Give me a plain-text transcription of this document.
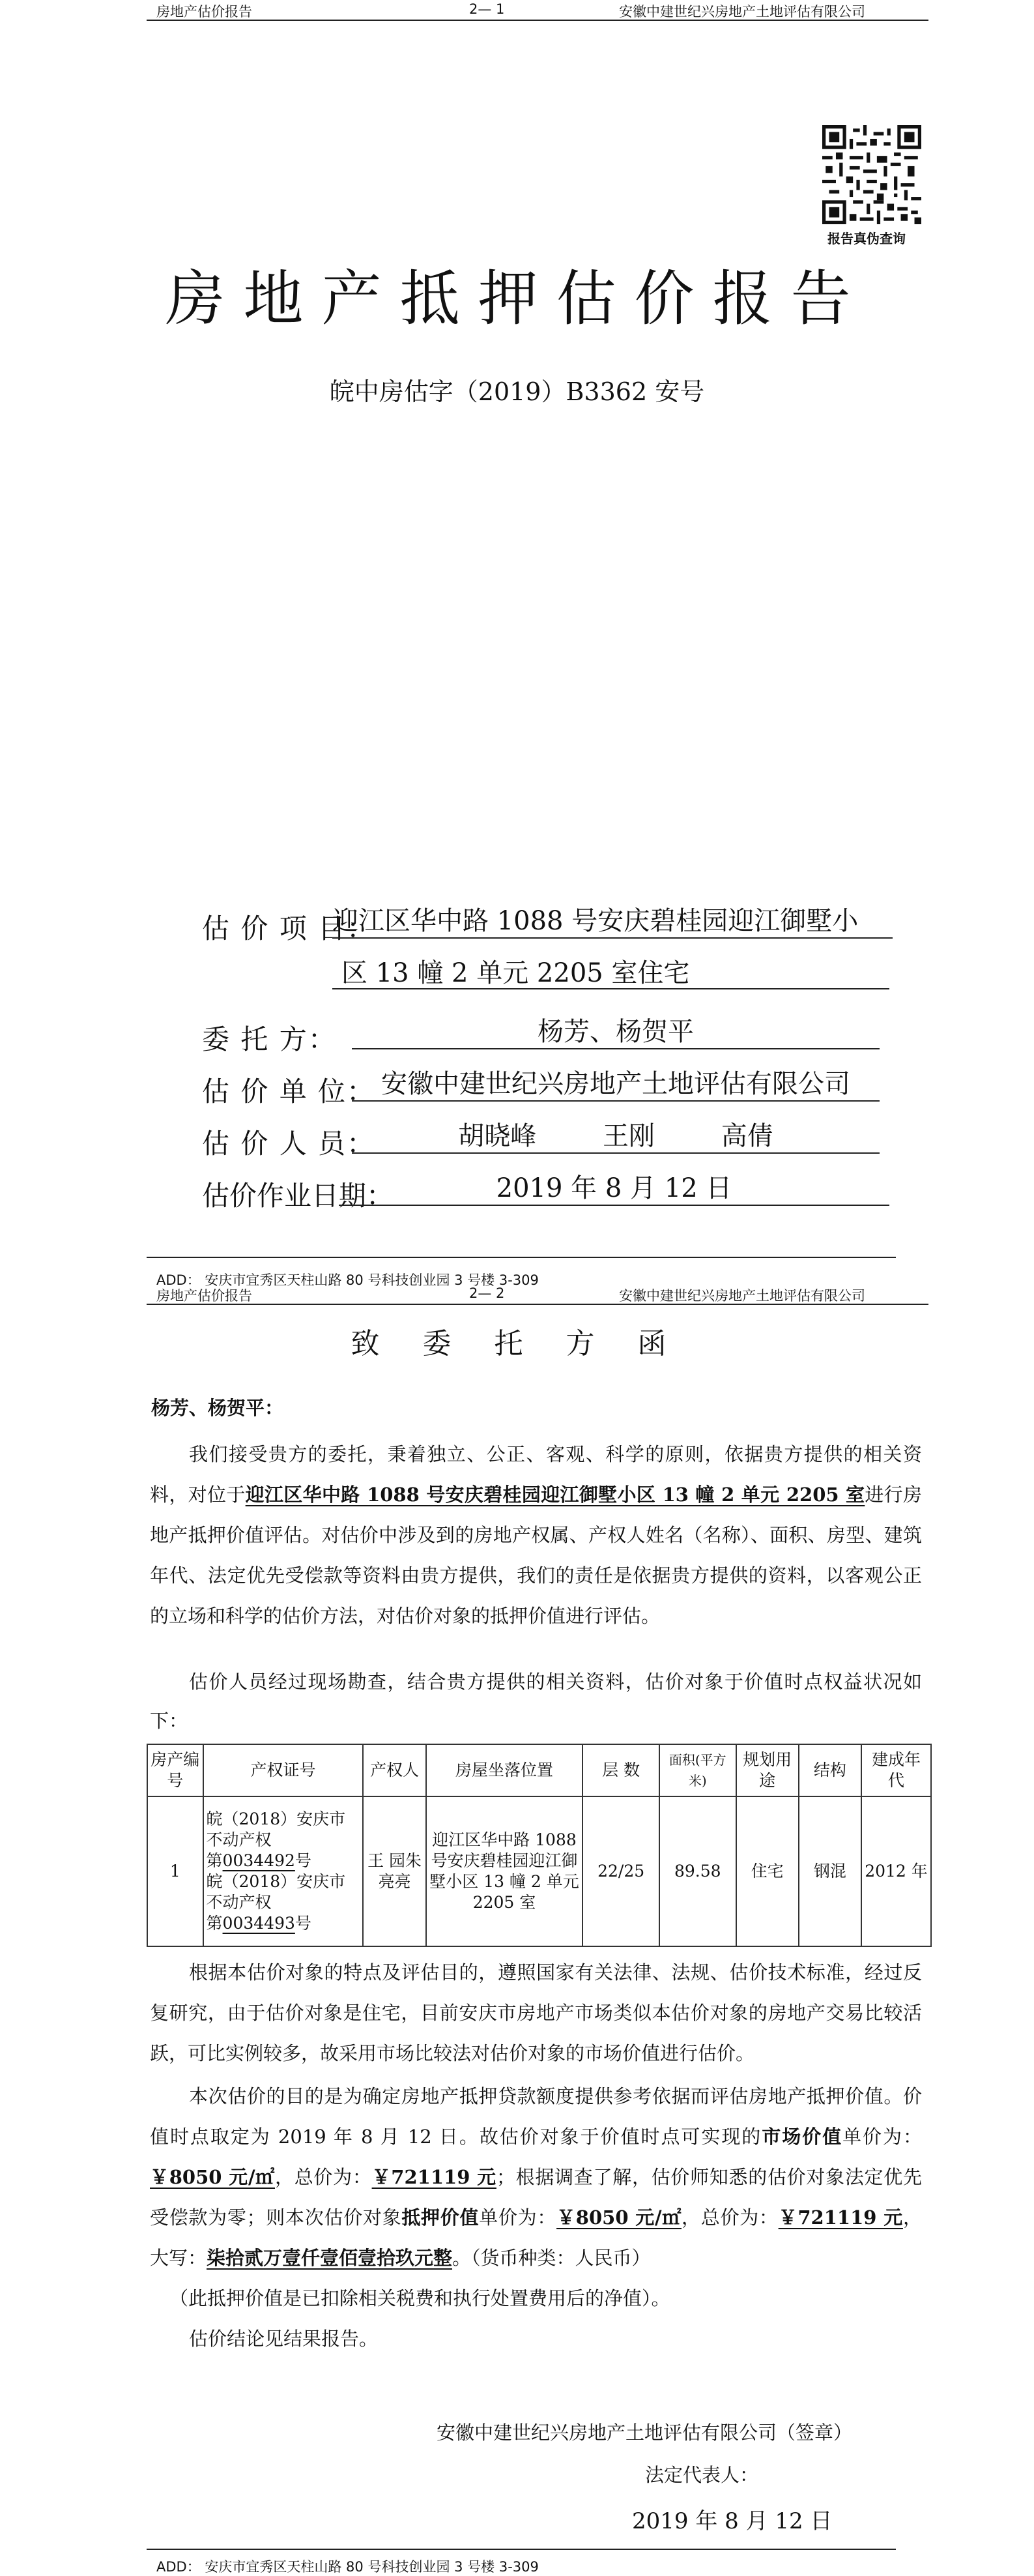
房地产估价报告	2— 1	安徽中建世纪兴房地产土地评估有限公司
报告真伪查询
房地产抵押估价报告
皖中房估字（2019）B3362 安号
估 价 项 目：
迎江区华中路 1088 号安庆碧桂园迎江御墅小
区 13 幢 2 单元 2205 室住宅
委 托 方：	杨芳、杨贺平
估 价 单 位： 安徽中建世纪兴房地产土地评估有限公司
估 价 人 员：	胡晓峰        王刚        高倩
估价作业日期：	2019 年 8 月 12 日
ADD： 安庆市宜秀区天柱山路 80 号科技创业园 3 号楼 3-309
房地产估价报告	2— 2	安徽中建世纪兴房地产土地评估有限公司
致 委 托 方 函
杨芳、杨贺平：
我们接受贵方的委托，秉着独立、公正、客观、科学的原则，依据贵方提供的相关资料，对位于迎江区华中路 1088 号安庆碧桂园迎江御墅小区 13 幢 2 单元 2205 室进行房地产抵押价值评估。对估价中涉及到的房地产权属、产权人姓名（名称）、面积、房型、建筑年代、法定优先受偿款等资料由贵方提供，我们的责任是依据贵方提供的资料，以客观公正的立场和科学的估价方法，对估价对象的抵押价值进行评估。
估价人员经过现场勘查，结合贵方提供的相关资料，估价对象于价值时点权益状况如下：
房产编号	产权证号	产权人	房屋坐落位置	层 数	面积(平方米)	规划用途	结构	建成年代
1	皖（2018）安庆市不动产权
第0034492号
皖（2018）安庆市不动产权
第0034493号	王 园朱亮亮	迎江区华中路 1088 号安庆碧桂园迎江御墅小区 13 幢 2 单元 2205 室	22/25	89.58	住宅	钢混	2012 年
根据本估价对象的特点及评估目的，遵照国家有关法律、法规、估价技术标准，经过反复研究，由于估价对象是住宅，目前安庆市房地产市场类似本估价对象的房地产交易比较活跃，可比实例较多，故采用市场比较法对估价对象的市场价值进行估价。
本次估价的目的是为确定房地产抵押贷款额度提供参考依据而评估房地产抵押价值。价值时点取定为 2019 年 8 月 12 日。故估价对象于价值时点可实现的市场价值单价为：￥8050 元/㎡，总价为：￥721119 元；根据调查了解，估价师知悉的估价对象法定优先受偿款为零；则本次估价对象抵押价值单价为：￥8050 元/㎡，总价为：￥721119 元，大写：柒拾贰万壹仟壹佰壹拾玖元整。（货币种类：人民币）
（此抵押价值是已扣除相关税费和执行处置费用后的净值）。
估价结论见结果报告。
安徽中建世纪兴房地产土地评估有限公司（签章）
法定代表人：
2019 年 8 月 12 日
ADD： 安庆市宜秀区天柱山路 80 号科技创业园 3 号楼 3-309
